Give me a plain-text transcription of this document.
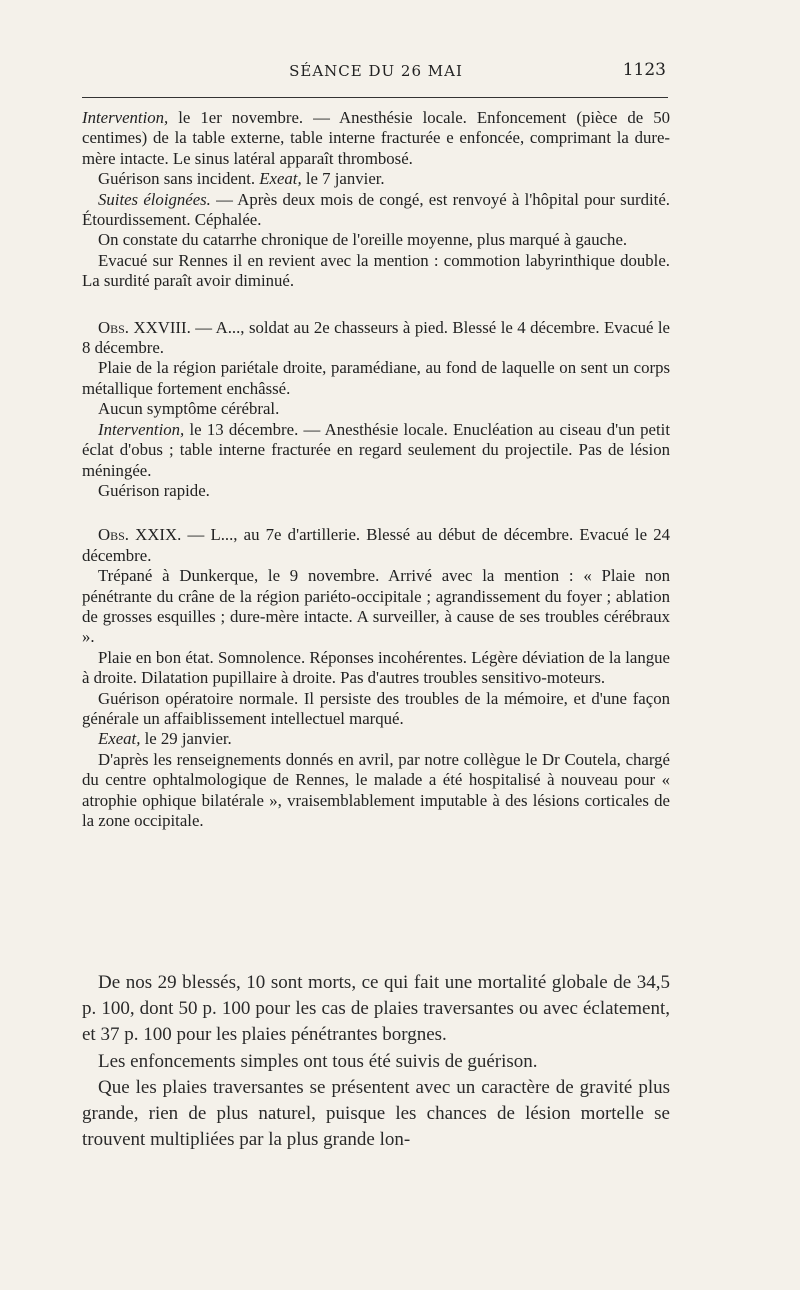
SÉANCE DU 26 MAI	1123

Intervention, le 1er novembre. — Anesthésie locale. Enfoncement (pièce de 50 centimes) de la table externe, table interne fracturée e enfoncée, comprimant la dure-mère intacte. Le sinus latéral apparaît thrombosé.

Guérison sans incident. Exeat, le 7 janvier.

Suites éloignées. — Après deux mois de congé, est renvoyé à l'hôpital pour surdité. Étourdissement. Céphalée.

On constate du catarrhe chronique de l'oreille moyenne, plus marqué à gauche.

Evacué sur Rennes il en revient avec la mention : commotion labyrinthique double. La surdité paraît avoir diminué.

Obs. XXVIII. — A..., soldat au 2e chasseurs à pied. Blessé le 4 décembre. Evacué le 8 décembre.

Plaie de la région pariétale droite, paramédiane, au fond de laquelle on sent un corps métallique fortement enchâssé.

Aucun symptôme cérébral.

Intervention, le 13 décembre. — Anesthésie locale. Enucléation au ciseau d'un petit éclat d'obus ; table interne fracturée en regard seulement du projectile. Pas de lésion méningée.

Guérison rapide.

Obs. XXIX. — L..., au 7e d'artillerie. Blessé au début de décembre. Evacué le 24 décembre.

Trépané à Dunkerque, le 9 novembre. Arrivé avec la mention : « Plaie non pénétrante du crâne de la région pariéto-occipitale ; agrandissement du foyer ; ablation de grosses esquilles ; dure-mère intacte. A surveiller, à cause de ses troubles cérébraux ».

Plaie en bon état. Somnolence. Réponses incohérentes. Légère déviation de la langue à droite. Dilatation pupillaire à droite. Pas d'autres troubles sensitivo-moteurs.

Guérison opératoire normale. Il persiste des troubles de la mémoire, et d'une façon générale un affaiblissement intellectuel marqué.

Exeat, le 29 janvier.

D'après les renseignements donnés en avril, par notre collègue le Dr Coutela, chargé du centre ophtalmologique de Rennes, le malade a été hospitalisé à nouveau pour « atrophie ophique bilatérale », vraisemblablement imputable à des lésions corticales de la zone occipitale.

De nos 29 blessés, 10 sont morts, ce qui fait une mortalité globale de 34,5 p. 100, dont 50 p. 100 pour les cas de plaies traversantes ou avec éclatement, et 37 p. 100 pour les plaies pénétrantes borgnes.

Les enfoncements simples ont tous été suivis de guérison.

Que les plaies traversantes se présentent avec un caractère de gravité plus grande, rien de plus naturel, puisque les chances de lésion mortelle se trouvent multipliées par la plus grande lon-
